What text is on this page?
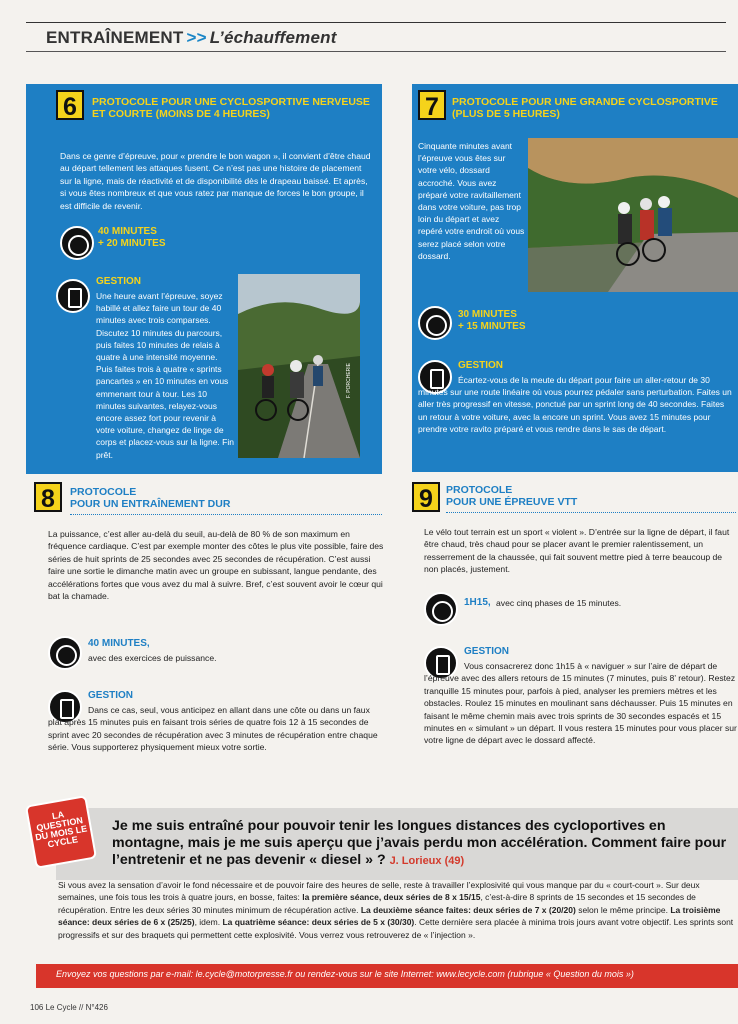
ENTRAÎNEMENT >> L’échauffement
6	PROTOCOLE POUR UNE CYCLOSPORTIVE NERVEUSE ET COURTE (MOINS DE 4 HEURES)
Dans ce genre d’épreuve, pour « prendre le bon wagon », il convient d’être chaud au départ tellement les attaques fusent. Ce n’est pas une histoire de placement sur la ligne, mais de réactivité et de disponibilité dès le drapeau baissé. Et après, si vous êtes nombreux et que vous ratez par manque de forces le bon groupe, il est difficile de revenir.
40 MINUTES
+ 20 MINUTES
GESTION
Une heure avant l’épreuve, soyez habillé et allez faire un tour de 40 minutes avec trois comparses. Discutez 10 minutes du parcours, puis faites 10 minutes de relais à quatre à une intensité moyenne. Puis faites trois à quatre « sprints pancartes » en 10 minutes en vous emmenant tour à tour. Les 10 minutes suivantes, relayez-vous encore assez fort pour revenir à votre voiture, changez de linge de corps et placez-vous sur la ligne. Fin prêt.
F. PORCHERIE
7	PROTOCOLE POUR UNE GRANDE CYCLOSPORTIVE (PLUS DE 5 HEURES)
Cinquante minutes avant l’épreuve vous êtes sur votre vélo, dossard accroché. Vous avez préparé votre ravitaillement dans votre voiture, pas trop loin du départ et avez repéré votre endroit où vous serez placé selon votre dossard.
30 MINUTES
+ 15 MINUTES
GESTION
Écartez-vous de la meute du départ pour faire un aller-retour de 30 minutes sur une route linéaire où vous pourrez pédaler sans perturbation. Faites un aller très progressif en vitesse, ponctué par un sprint long de 40 secondes. Faites un retour à votre voiture, avec la encore un sprint. Vous avez 15 minutes pour prendre votre ravito préparé et vous rendre dans le sas de départ.
8	PROTOCOLE
POUR UN ENTRAÎNEMENT DUR
La puissance, c’est aller au-delà du seuil, au-delà de 80 % de son maximum en fréquence cardiaque. C’est par exemple monter des côtes le plus vite possible, faire des séries de huit sprints de 25 secondes avec 25 secondes de récupération. C’est aussi faire une sortie le dimanche matin avec un groupe en subissant, langue pendante, des accélérations fortes que vous avez du mal à suivre. Bref, c’est souvent avoir le cœur qui bat la chamade.
40 MINUTES,
avec des exercices de puissance.
GESTION
Dans ce cas, seul, vous anticipez en allant dans une côte ou dans un faux plat après 15 minutes puis en faisant trois séries de quatre fois 12 à 15 secondes de sprint avec 20 secondes de récupération avec 3 minutes de récupération entre chaque série. Vous supporterez physiquement mieux votre sortie.
9	PROTOCOLE
POUR UNE ÉPREUVE VTT
Le vélo tout terrain est un sport « violent ». D’entrée sur la ligne de départ, il faut être chaud, très chaud pour se placer avant le premier ralentissement, un resserrement de la chaussée, qui fait souvent mettre pied à terre beaucoup de non placés, justement.
1H15, avec cinq phases de 15 minutes.
GESTION
Vous consacrerez donc 1h15 à « naviguer » sur l’aire de départ de l’épreuve avec des allers retours de 15 minutes (7 minutes, puis 8’ retour). Restez tranquille 15 minutes pour, parfois à pied, analyser les premiers mètres et les obstacles. Roulez 15 minutes en moulinant sans déchausser. Puis 15 minutes en faisant le même chemin mais avec trois sprints de 30 secondes espacés et 15 minutes en « simulant » un départ. Il vous restera 15 minutes pour vous placer sur votre ligne de départ avec le dossard affecté.
LA QUESTION DU MOIS LE CYCLE
Je me suis entraîné pour pouvoir tenir les longues distances des cycloportives en montagne, mais je me suis aperçu que j’avais perdu mon accélération. Comment faire pour l’entretenir et ne pas devenir « diesel » ? J. Lorieux (49)
Si vous avez la sensation d’avoir le fond nécessaire et de pouvoir faire des heures de selle, reste à travailler l’explosivité qui vous manque par du « court-court ». Sur deux semaines, une fois tous les trois à quatre jours, en bosse, faites: la première séance, deux séries de 8 x 15/15, c’est-à-dire 8 sprints de 15 secondes et 15 secondes de récupération. Entre les deux séries 30 minutes minimum de récupération active. La deuxième séance faites: deux séries de 7 x (20/20) selon le même principe. La troisième séance: deux séries de 6 x (25/25), idem. La quatrième séance: deux séries de 5 x (30/30). Cette dernière sera placée à minima trois jours avant votre objectif. Les sprints sont progressifs et sur des braquets qui permettent cette explosivité. Vous verrez vous retrouverez de « l’injection ».
Envoyez vos questions par e-mail: le.cycle@motorpresse.fr ou rendez-vous sur le site Internet: www.lecycle.com (rubrique « Question du mois »)
106 Le Cycle // N°426
